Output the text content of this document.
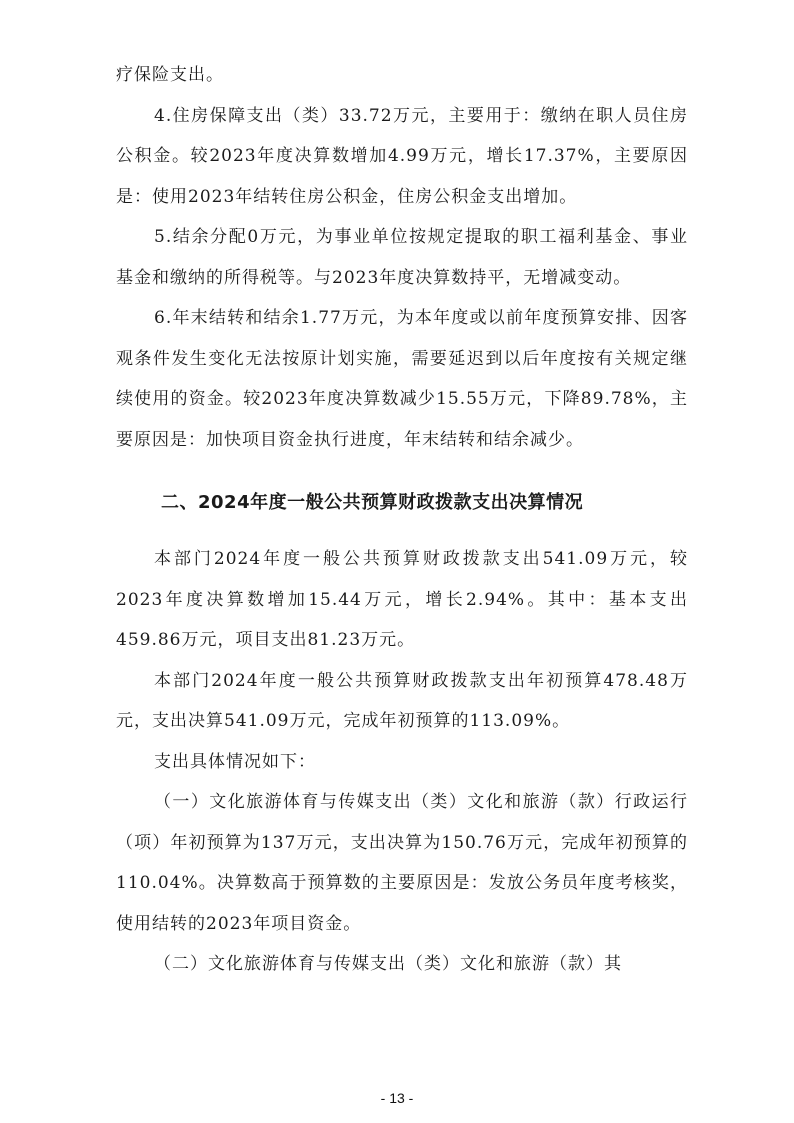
疗保险支出。

4.住房保障支出（类）33.72万元，主要用于：缴纳在职人员住房公积金。较2023年度决算数增加4.99万元，增长17.37%，主要原因是：使用2023年结转住房公积金，住房公积金支出增加。

5.结余分配0万元，为事业单位按规定提取的职工福利基金、事业基金和缴纳的所得税等。与2023年度决算数持平，无增减变动。

6.年末结转和结余1.77万元，为本年度或以前年度预算安排、因客观条件发生变化无法按原计划实施，需要延迟到以后年度按有关规定继续使用的资金。较2023年度决算数减少15.55万元，下降89.78%，主要原因是：加快项目资金执行进度，年末结转和结余减少。

二、2024年度一般公共预算财政拨款支出决算情况

本部门2024年度一般公共预算财政拨款支出541.09万元，较2023年度决算数增加15.44万元，增长2.94%。其中：基本支出459.86万元，项目支出81.23万元。

本部门2024年度一般公共预算财政拨款支出年初预算478.48万元，支出决算541.09万元，完成年初预算的113.09%。

支出具体情况如下：

（一）文化旅游体育与传媒支出（类）文化和旅游（款）行政运行（项）年初预算为137万元，支出决算为150.76万元，完成年初预算的110.04%。决算数高于预算数的主要原因是：发放公务员年度考核奖，使用结转的2023年项目资金。

（二）文化旅游体育与传媒支出（类）文化和旅游（款）其

- 13 -
